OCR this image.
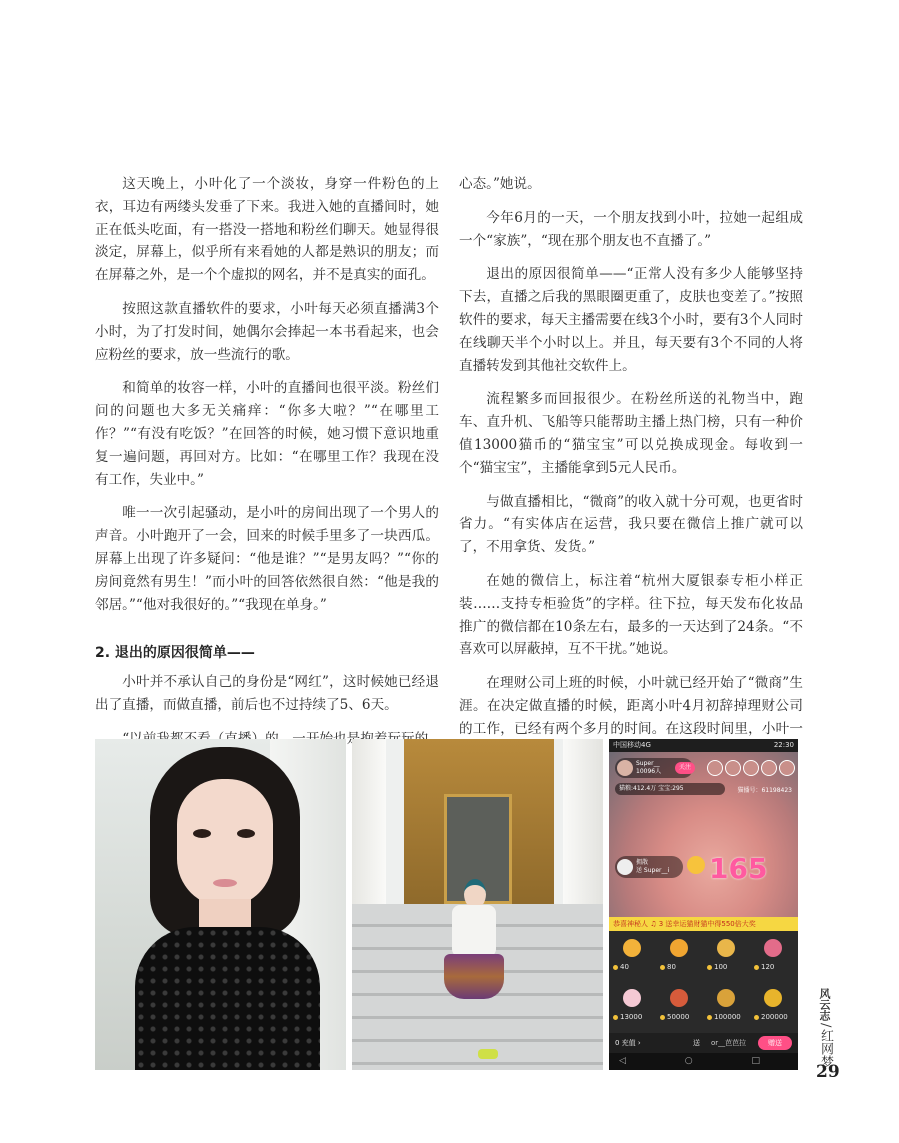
这天晚上，小叶化了一个淡妆，身穿一件粉色的上衣，耳边有两缕头发垂了下来。我进入她的直播间时，她正在低头吃面，有一搭没一搭地和粉丝们聊天。她显得很淡定，屏幕上，似乎所有来看她的人都是熟识的朋友；而在屏幕之外，是一个个虚拟的网名，并不是真实的面孔。

按照这款直播软件的要求，小叶每天必须直播满3个小时，为了打发时间，她偶尔会捧起一本书看起来，也会应粉丝的要求，放一些流行的歌。

和简单的妆容一样，小叶的直播间也很平淡。粉丝们问的问题也大多无关痛痒：“你多大啦？”“在哪里工作？”“有没有吃饭？”在回答的时候，她习惯下意识地重复一遍问题，再回对方。比如：“在哪里工作？我现在没有工作，失业中。”

唯一一次引起骚动，是小叶的房间出现了一个男人的声音。小叶跑开了一会，回来的时候手里多了一块西瓜。屏幕上出现了许多疑问：“他是谁？”“是男友吗？”“你的房间竟然有男生！”而小叶的回答依然很自然：“他是我的邻居。”“他对我很好的。”“我现在单身。”

2. 退出的原因很简单——

小叶并不承认自己的身份是“网红”，这时候她已经退出了直播，而做直播，前后也不过持续了5、6天。

心态。”她说。

今年6月的一天，一个朋友找到小叶，拉她一起组成一个“家族”，“现在那个朋友也不直播了。”

退出的原因很简单——“正常人没有多少人能够坚持下去，直播之后我的黑眼圈更重了，皮肤也变差了。”按照软件的要求，每天主播需要在线3个小时，要有3个人同时在线聊天半个小时以上。并且，每天要有3个不同的人将直播转发到其他社交软件上。

流程繁多而回报很少。在粉丝所送的礼物当中，跑车、直升机、飞船等只能帮助主播上热门榜，只有一种价值13000猫币的“猫宝宝”可以兑换成现金。每收到一个“猫宝宝”，主播能拿到5元人民币。

与做直播相比，“微商”的收入就十分可观，也更省时省力。“有实体店在运营，我只要在微信上推广就可以了，不用拿货、发货。”

在她的微信上，标注着“杭州大厦银泰专柜小样正装……支持专柜验货”的字样。往下拉，每天发布化妆品推广的微信都在10条左右，最多的一天达到了24条。“不喜欢可以屏蔽掉，互不干扰。”她说。

在理财公司上班的时候，小叶就已经开始了“微商”生涯。在决定做直播的时候，距离小叶4月初辞掉理财公司的工作，已经有两个多月的时间。在这段时间里，小叶一

中国移动4G	22:30
Super__
10096人
关注
猫粮:412.4万 宝宝:295	猫播号：61198423
拥散
送 Super__i 165
恭喜神秘人 ♫ 3 送幸运猫财猫中得550倍大奖
40	80	100	120
13000	50000	100000	200000
0 充值 ›	送 or__芭芭拉	赠送
◁ ○ □
风云志
/
红网梦
29
